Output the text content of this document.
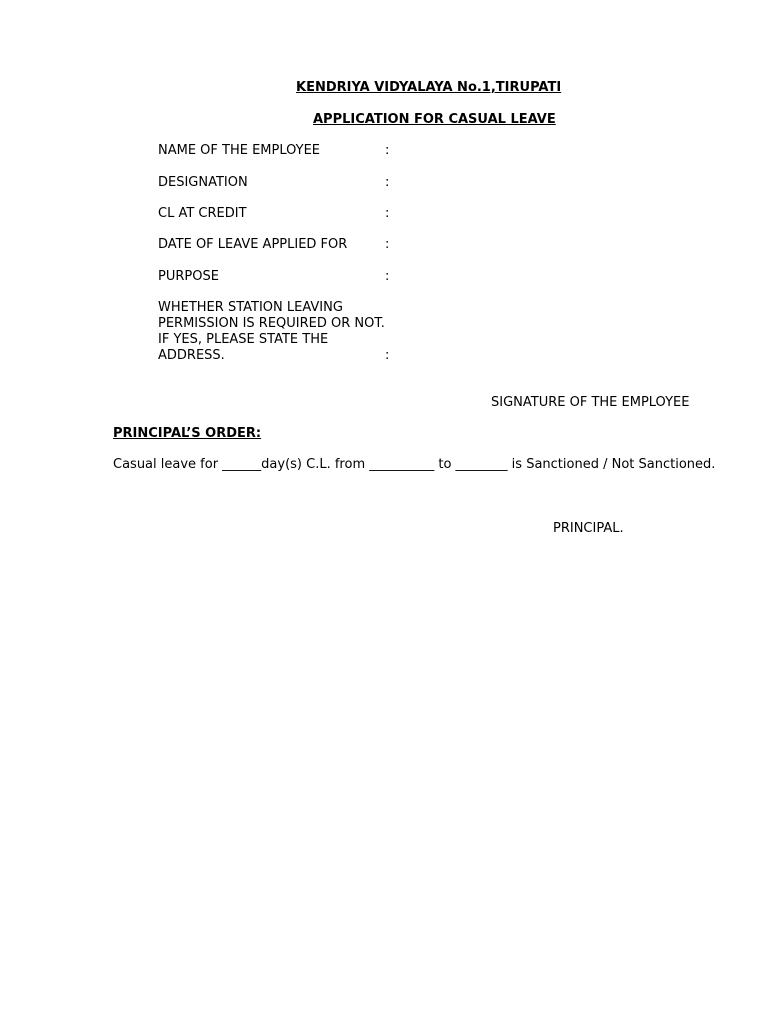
KENDRIYA VIDYALAYA No.1,TIRUPATI
APPLICATION FOR CASUAL LEAVE
NAME OF THE EMPLOYEE	:
DESIGNATION	:
CL AT CREDIT	:
DATE OF LEAVE APPLIED FOR	:
PURPOSE	:
WHETHER STATION LEAVING
PERMISSION IS REQUIRED OR NOT.
IF YES, PLEASE STATE THE
ADDRESS.	:
SIGNATURE OF THE EMPLOYEE
PRINCIPAL’S ORDER:
Casual leave for ______day(s) C.L. from __________ to ________ is Sanctioned / Not Sanctioned.
PRINCIPAL.
